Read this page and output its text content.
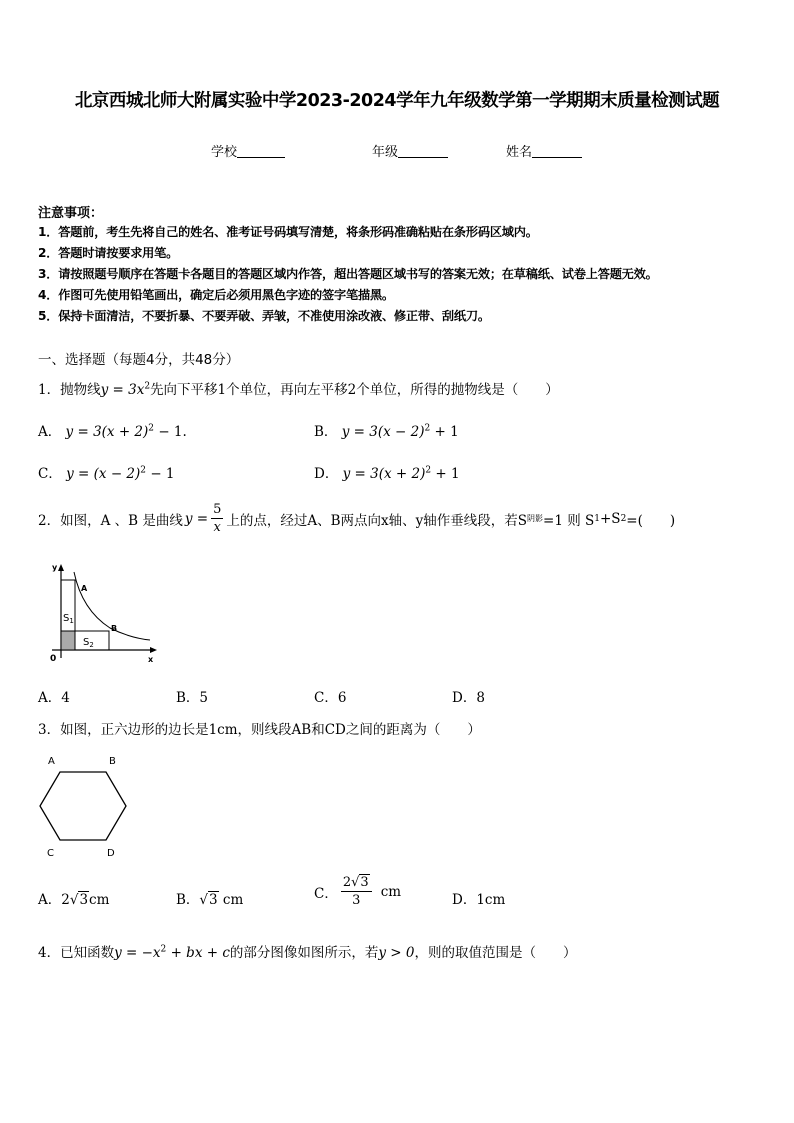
北京西城北师大附属实验中学2023-2024学年九年级数学第一学期期末质量检测试题
学校	年级	姓名
注意事项：
1．答题前，考生先将自己的姓名、准考证号码填写清楚，将条形码准确粘贴在条形码区域内。
2．答题时请按要求用笔。
3．请按照题号顺序在答题卡各题目的答题区域内作答，超出答题区域书写的答案无效；在草稿纸、试卷上答题无效。
4．作图可先使用铅笔画出，确定后必须用黑色字迹的签字笔描黑。
5．保持卡面清洁，不要折暴、不要弄破、弄皱，不准使用涂改液、修正带、刮纸刀。
一、选择题（每题4分，共48分）
1．抛物线$y = 3x^2$先向下平移1个单位，再向左平移2个单位，所得的抛物线是（　　）
A． $y = 3(x + 2)^2 - 1$.	B． $y = 3(x - 2)^2 + 1$
C． $y = (x - 2)^2 - 1$	D． $y = 3(x + 2)^2 + 1$
2．如图，A 、B 是曲线 $y = \frac{5}{x}$ 上的点，经过A、B两点向x轴、y轴作垂线段，若S 阴影 =1 则 S 1 +S 2 =(　　)
y
x
0
A
B
$S_1$
$S_2$
A．4	B．5	C．6	D．8
3．如图，正六边形的边长是1cm，则线段AB和CD之间的距离为（　　）
A	B
C	D
A．2√3cm	B．√3 cm	C． $\frac{2√3}{3}$ cm
D．1cm
4．已知函数$y = -x^2$ + bx + c的部分图像如图所示，若y > 0，则的取值范围是（　　）
